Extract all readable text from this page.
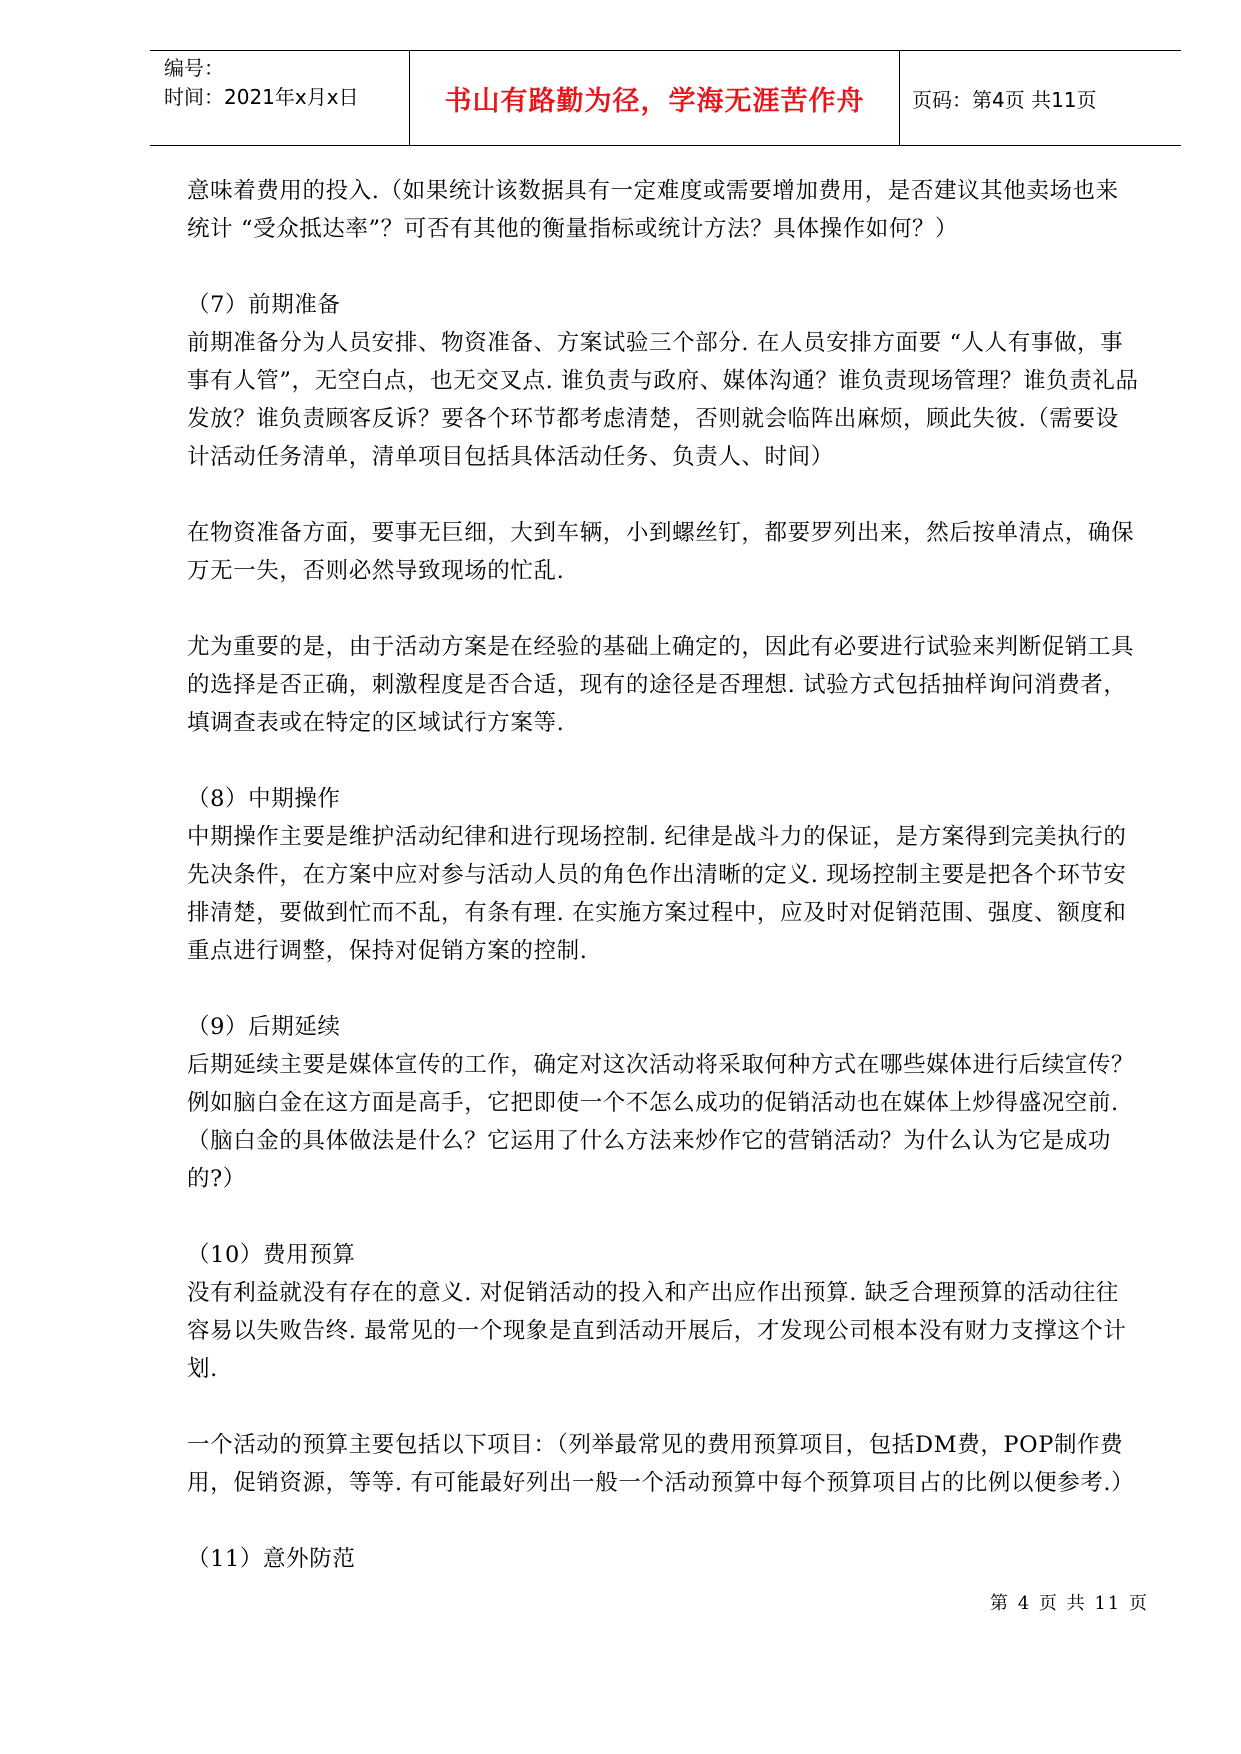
编号：
时间：2021年x月x日	书山有路勤为径，学海无涯苦作舟 页码：第4页 共11页

意味着费用的投入.（如果统计该数据具有一定难度或需要增加费用，是否建议其他卖场也来统计 “受众抵达率”？可否有其他的衡量指标或统计方法？具体操作如何？）

（7）前期准备

前期准备分为人员安排、物资准备、方案试验三个部分. 在人员安排方面要 “人人有事做，事事有人管”，无空白点，也无交叉点. 谁负责与政府、媒体沟通？谁负责现场管理？谁负责礼品发放？谁负责顾客反诉？要各个环节都考虑清楚，否则就会临阵出麻烦，顾此失彼.（需要设计活动任务清单，清单项目包括具体活动任务、负责人、时间）

在物资准备方面，要事无巨细，大到车辆，小到螺丝钉，都要罗列出来，然后按单清点，确保万无一失，否则必然导致现场的忙乱.

尤为重要的是，由于活动方案是在经验的基础上确定的，因此有必要进行试验来判断促销工具的选择是否正确，刺激程度是否合适，现有的途径是否理想. 试验方式包括抽样询问消费者，填调查表或在特定的区域试行方案等.

（8）中期操作

中期操作主要是维护活动纪律和进行现场控制. 纪律是战斗力的保证，是方案得到完美执行的先决条件，在方案中应对参与活动人员的角色作出清晰的定义. 现场控制主要是把各个环节安排清楚，要做到忙而不乱，有条有理. 在实施方案过程中，应及时对促销范围、强度、额度和重点进行调整，保持对促销方案的控制.

（9）后期延续

后期延续主要是媒体宣传的工作，确定对这次活动将采取何种方式在哪些媒体进行后续宣传？例如脑白金在这方面是高手，它把即使一个不怎么成功的促销活动也在媒体上炒得盛况空前.（脑白金的具体做法是什么？它运用了什么方法来炒作它的营销活动？为什么认为它是成功的?）

（10）费用预算

没有利益就没有存在的意义. 对促销活动的投入和产出应作出预算. 缺乏合理预算的活动往往容易以失败告终. 最常见的一个现象是直到活动开展后，才发现公司根本没有财力支撑这个计划.

一个活动的预算主要包括以下项目：（列举最常见的费用预算项目，包括DM费，POP制作费用，促销资源，等等. 有可能最好列出一般一个活动预算中每个预算项目占的比例以便参考.）

（11）意外防范

第 4 页 共 11 页
